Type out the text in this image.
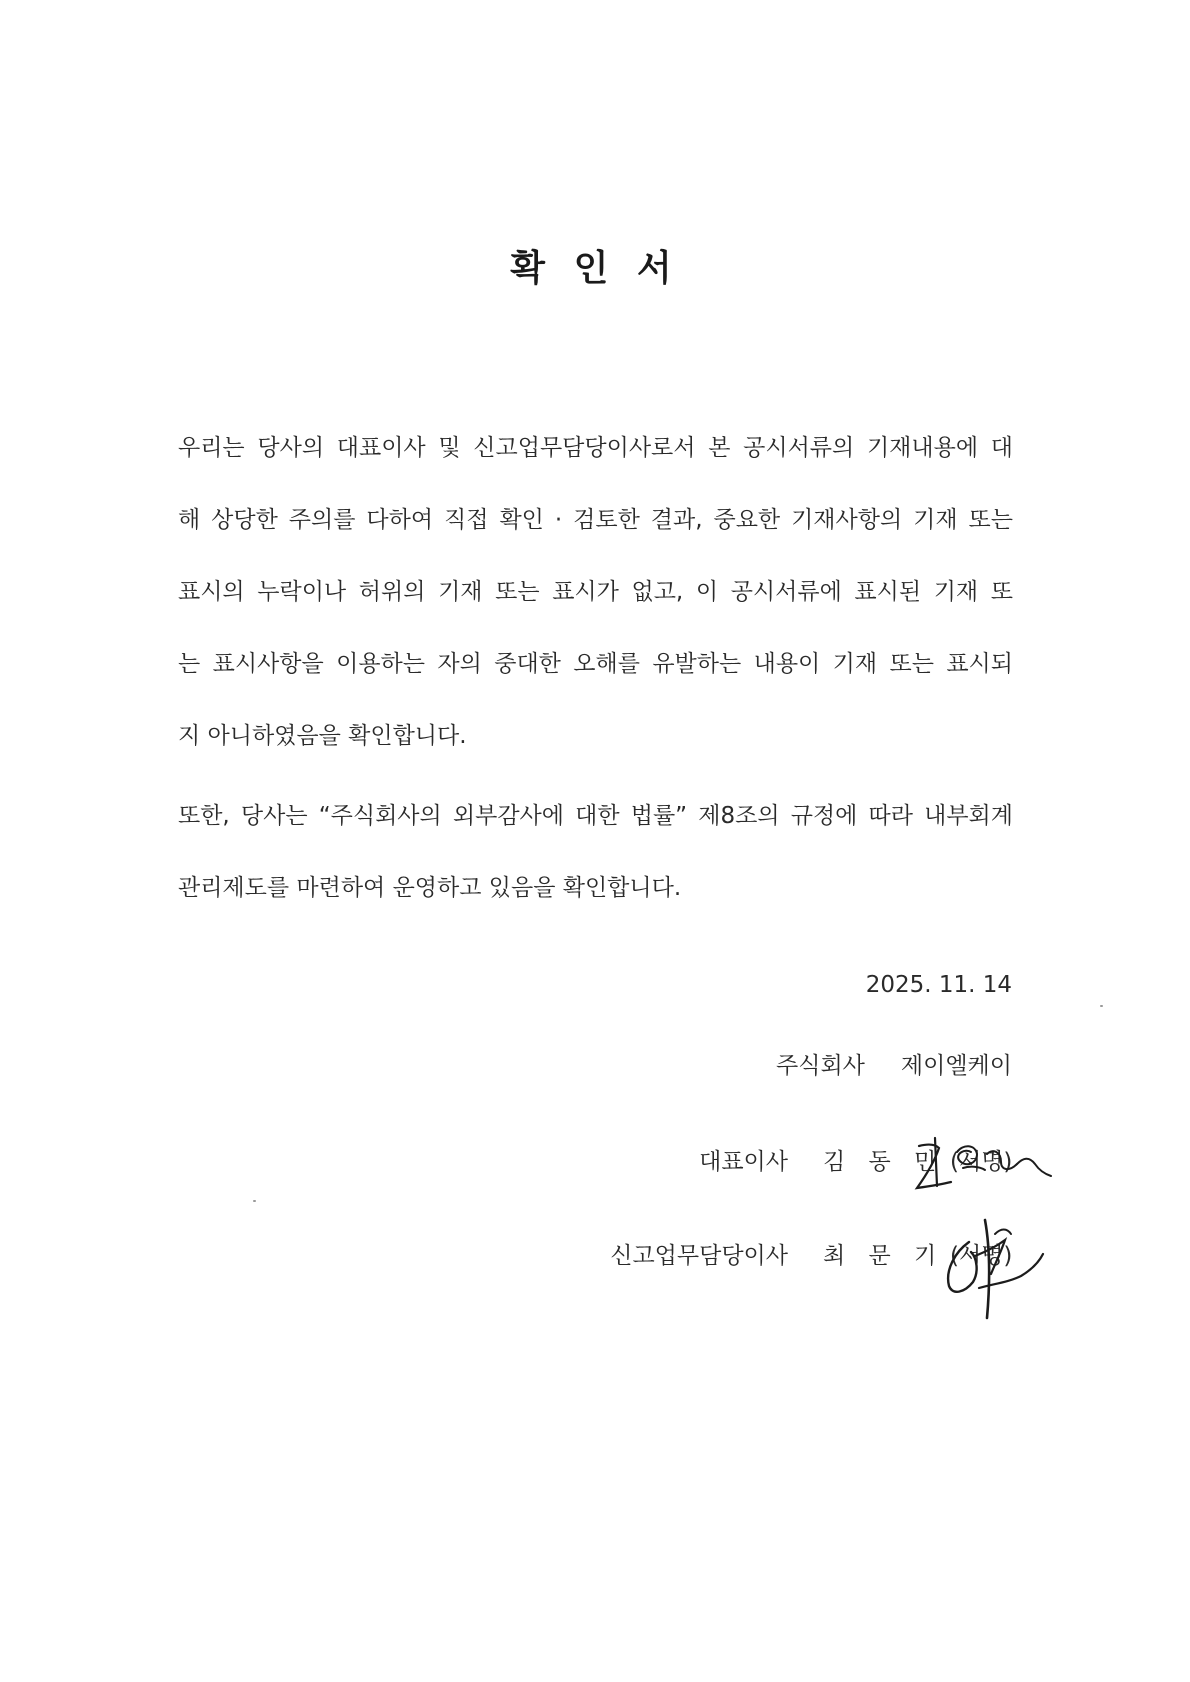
확 인 서
우리는 당사의 대표이사 및 신고업무담당이사로서 본 공시서류의 기재내용에 대
해 상당한 주의를 다하여 직접 확인 · 검토한 결과, 중요한 기재사항의 기재 또는
표시의 누락이나 허위의 기재 또는 표시가 없고, 이 공시서류에 표시된 기재 또
는 표시사항을 이용하는 자의 중대한 오해를 유발하는 내용이 기재 또는 표시되
지 아니하였음을 확인합니다.
또한, 당사는 “주식회사의 외부감사에 대한 법률” 제8조의 규정에 따라 내부회계
관리제도를 마련하여 운영하고 있음을 확인합니다.
2025. 11. 14
주식회사 제이엘케이
대표이사 김 동 민 (서명)
신고업무담당이사 최 문 기 (서명)
